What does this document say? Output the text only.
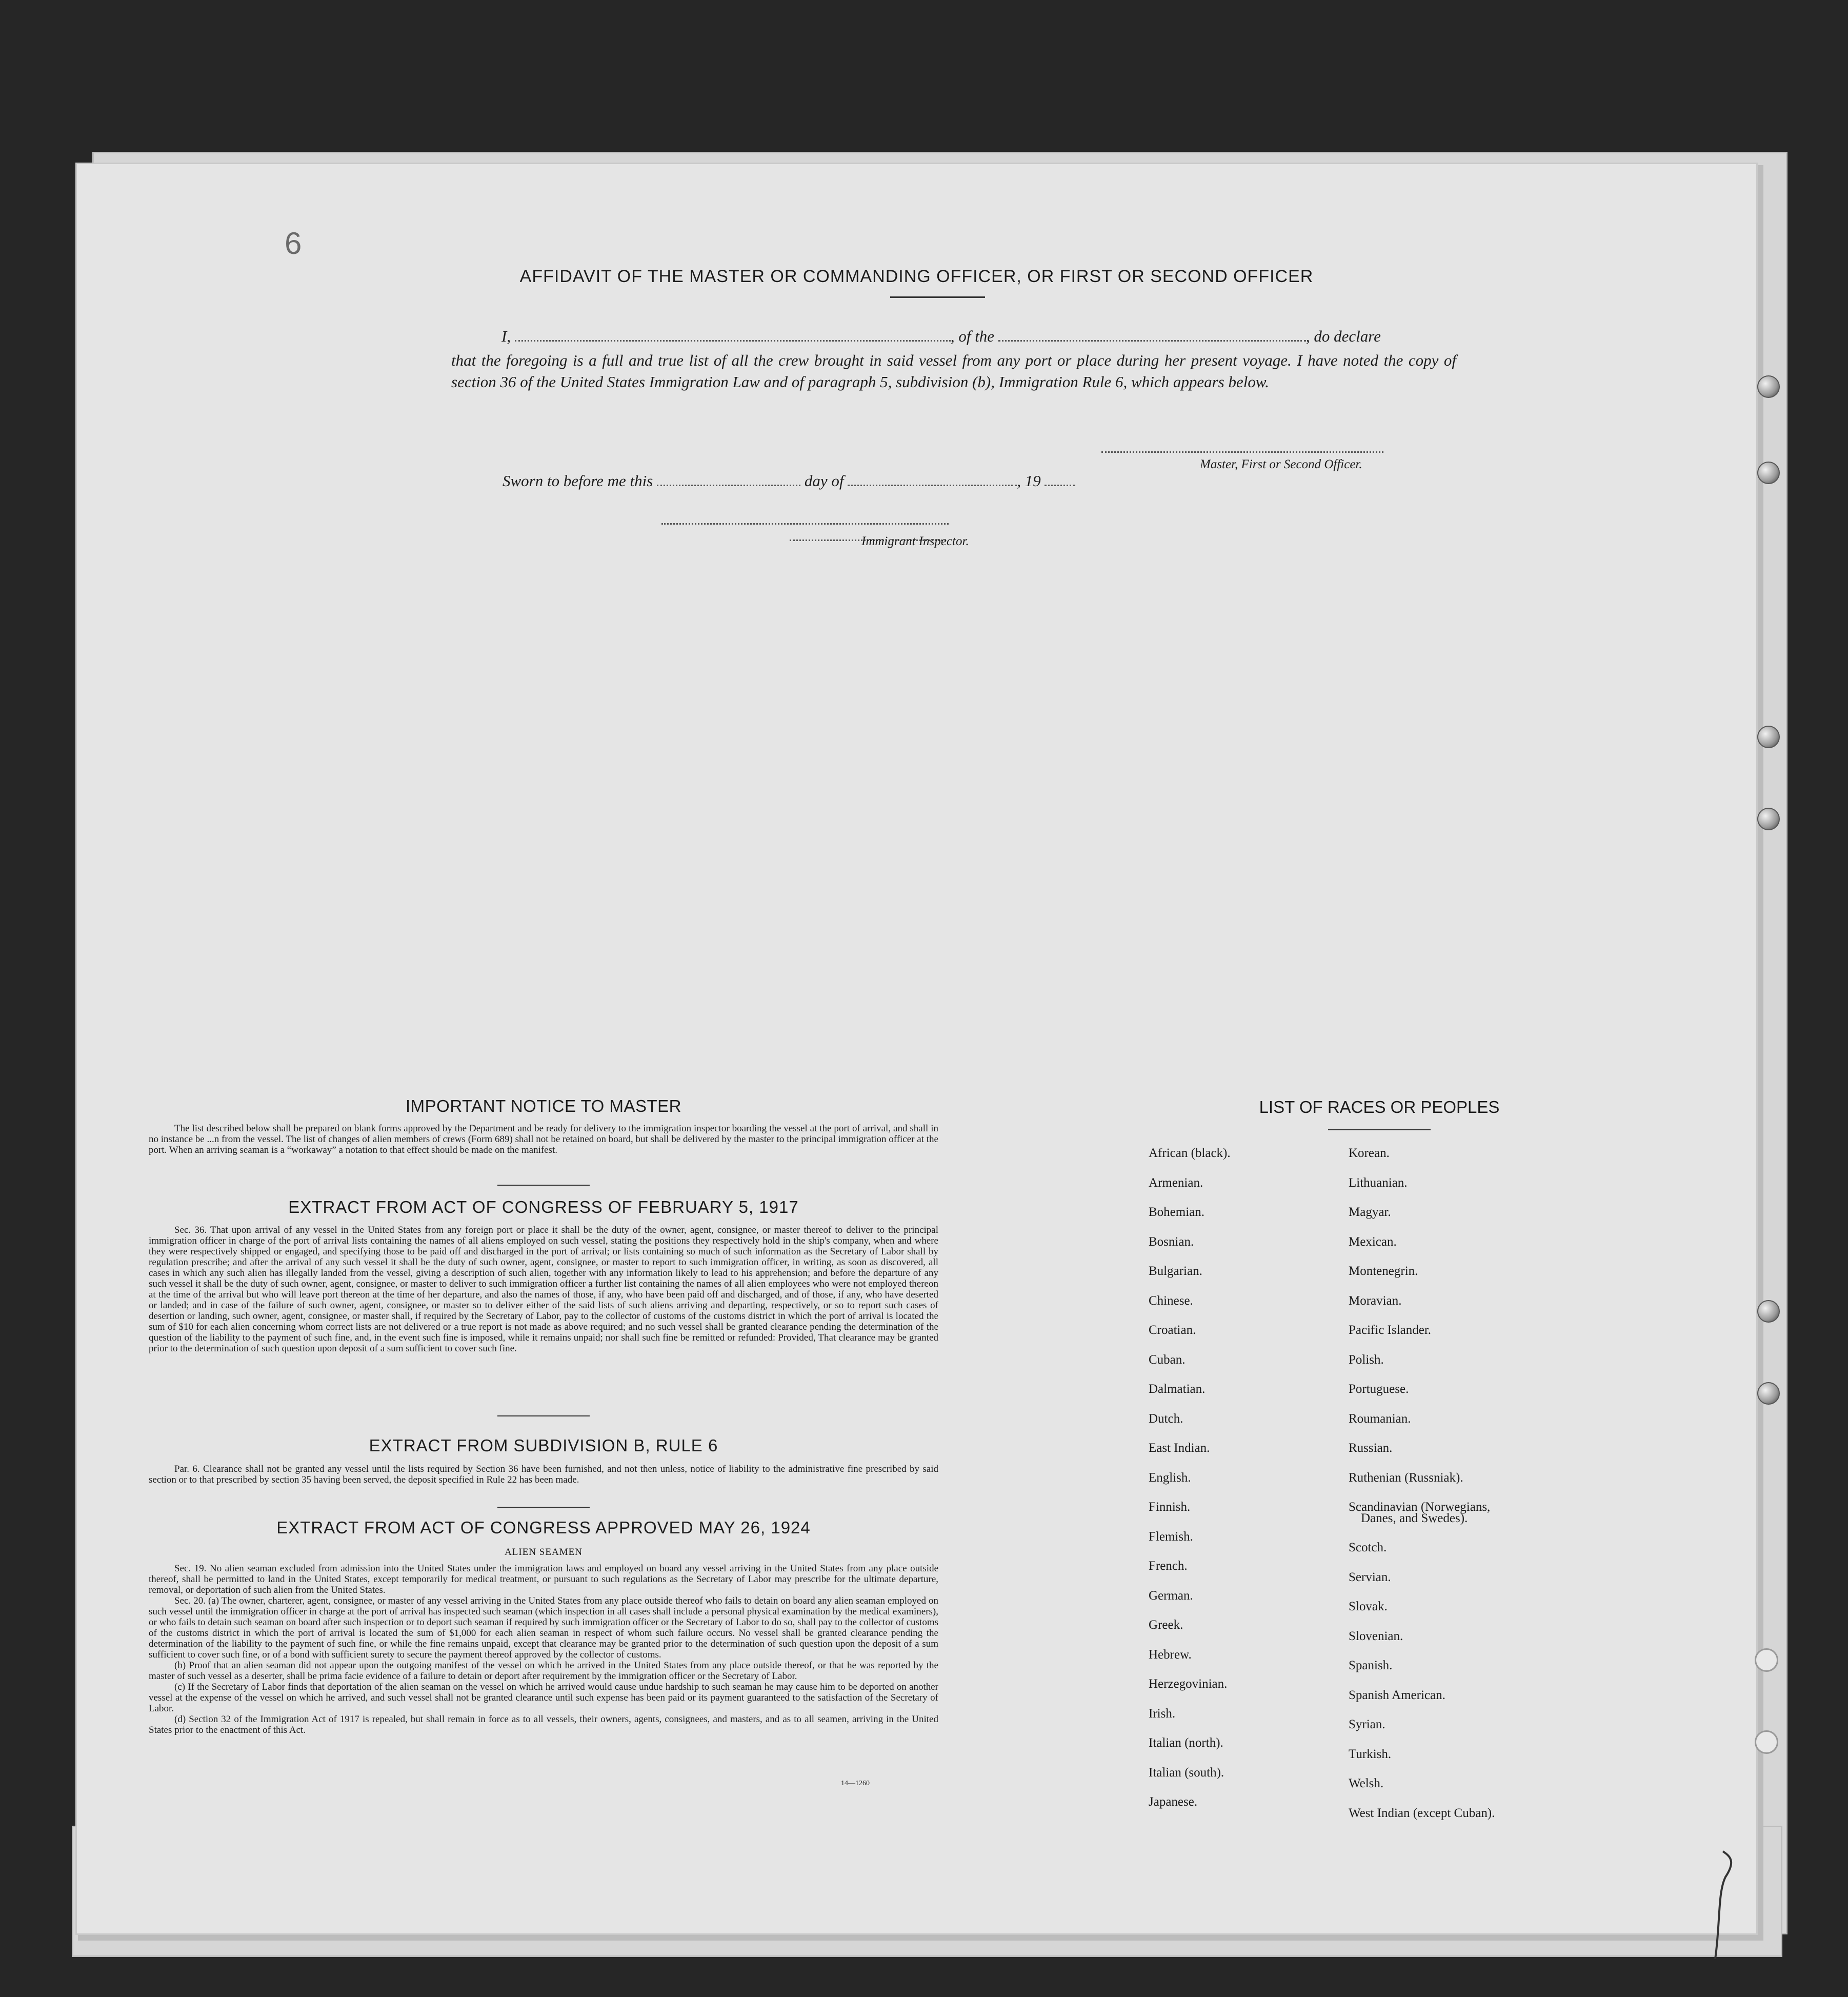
6
AFFIDAVIT OF THE MASTER OR COMMANDING OFFICER, OR FIRST OR SECOND OFFICER
I,	, of the	, do declare
that the foregoing is a full and true list of all the crew brought in said vessel from any port or place during her present voyage. I have noted the copy of section 36 of the United States Immigration Law and of paragraph 5, subdivision (b), Immigration Rule 6, which appears below.
Master, First or Second Officer.
Sworn to before me this	day of	, 19
Immigrant Inspector.
IMPORTANT NOTICE TO MASTER
The list described below shall be prepared on blank forms approved by the Department and be ready for delivery to the immigration inspector boarding the vessel at the port of arrival, and shall in no instance be ...n from the vessel. The list of changes of alien members of crews (Form 689) shall not be retained on board, but shall be delivered by the master to the principal immigration officer at the port. When an arriving seaman is a “workaway” a notation to that effect should be made on the manifest.
EXTRACT FROM ACT OF CONGRESS OF FEBRUARY 5, 1917
Sec. 36. That upon arrival of any vessel in the United States from any foreign port or place it shall be the duty of the owner, agent, consignee, or master thereof to deliver to the principal immigration officer in charge of the port of arrival lists containing the names of all aliens employed on such vessel, stating the positions they respectively hold in the ship's company, when and where they were respectively shipped or engaged, and specifying those to be paid off and discharged in the port of arrival; or lists containing so much of such information as the Secretary of Labor shall by regulation prescribe; and after the arrival of any such vessel it shall be the duty of such owner, agent, consignee, or master to report to such immigration officer, in writing, as soon as discovered, all cases in which any such alien has illegally landed from the vessel, giving a description of such alien, together with any information likely to lead to his apprehension; and before the departure of any such vessel it shall be the duty of such owner, agent, consignee, or master to deliver to such immigration officer a further list containing the names of all alien employees who were not employed thereon at the time of the arrival but who will leave port thereon at the time of her departure, and also the names of those, if any, who have been paid off and discharged, and of those, if any, who have deserted or landed; and in case of the failure of such owner, agent, consignee, or master so to deliver either of the said lists of such aliens arriving and departing, respectively, or so to report such cases of desertion or landing, such owner, agent, consignee, or master shall, if required by the Secretary of Labor, pay to the collector of customs of the customs district in which the port of arrival is located the sum of $10 for each alien concerning whom correct lists are not delivered or a true report is not made as above required; and no such vessel shall be granted clearance pending the determination of the question of the liability to the payment of such fine, and, in the event such fine is imposed, while it remains unpaid; nor shall such fine be remitted or refunded: Provided, That clearance may be granted prior to the determination of such question upon deposit of a sum sufficient to cover such fine.
EXTRACT FROM SUBDIVISION B, RULE 6
Par. 6. Clearance shall not be granted any vessel until the lists required by Section 36 have been furnished, and not then unless, notice of liability to the administrative fine prescribed by said section or to that prescribed by section 35 having been served, the deposit specified in Rule 22 has been made.
EXTRACT FROM ACT OF CONGRESS APPROVED MAY 26, 1924
ALIEN SEAMEN
Sec. 19. No alien seaman excluded from admission into the United States under the immigration laws and employed on board any vessel arriving in the United States from any place outside thereof, shall be permitted to land in the United States, except temporarily for medical treatment, or pursuant to such regulations as the Secretary of Labor may prescribe for the ultimate departure, removal, or deportation of such alien from the United States.
Sec. 20. (a) The owner, charterer, agent, consignee, or master of any vessel arriving in the United States from any place outside thereof who fails to detain on board any alien seaman employed on such vessel until the immigration officer in charge at the port of arrival has inspected such seaman (which inspection in all cases shall include a personal physical examination by the medical examiners), or who fails to detain such seaman on board after such inspection or to deport such seaman if required by such immigration officer or the Secretary of Labor to do so, shall pay to the collector of customs of the customs district in which the port of arrival is located the sum of $1,000 for each alien seaman in respect of whom such failure occurs. No vessel shall be granted clearance pending the determination of the liability to the payment of such fine, or while the fine remains unpaid, except that clearance may be granted prior to the determination of such question upon the deposit of a sum sufficient to cover such fine, or of a bond with sufficient surety to secure the payment thereof approved by the collector of customs.
(b) Proof that an alien seaman did not appear upon the outgoing manifest of the vessel on which he arrived in the United States from any place outside thereof, or that he was reported by the master of such vessel as a deserter, shall be prima facie evidence of a failure to detain or deport after requirement by the immigration officer or the Secretary of Labor.
(c) If the Secretary of Labor finds that deportation of the alien seaman on the vessel on which he arrived would cause undue hardship to such seaman he may cause him to be deported on another vessel at the expense of the vessel on which he arrived, and such vessel shall not be granted clearance until such expense has been paid or its payment guaranteed to the satisfaction of the Secretary of Labor.
(d) Section 32 of the Immigration Act of 1917 is repealed, but shall remain in force as to all vessels, their owners, agents, consignees, and masters, and as to all seamen, arriving in the United States prior to the enactment of this Act.
14—1260
LIST OF RACES OR PEOPLES
African (black).
Armenian.
Bohemian.
Bosnian.
Bulgarian.
Chinese.
Croatian.
Cuban.
Dalmatian.
Dutch.
East Indian.
English.
Finnish.
Flemish.
French.
German.
Greek.
Hebrew.
Herzegovinian.
Irish.
Italian (north).
Italian (south).
Japanese.
Korean.
Lithuanian.
Magyar.
Mexican.
Montenegrin.
Moravian.
Pacific Islander.
Polish.
Portuguese.
Roumanian.
Russian.
Ruthenian (Russniak).
Scandinavian (Norwegians,
Danes, and Swedes).
Scotch.
Servian.
Slovak.
Slovenian.
Spanish.
Spanish American.
Syrian.
Turkish.
Welsh.
West Indian (except Cuban).
